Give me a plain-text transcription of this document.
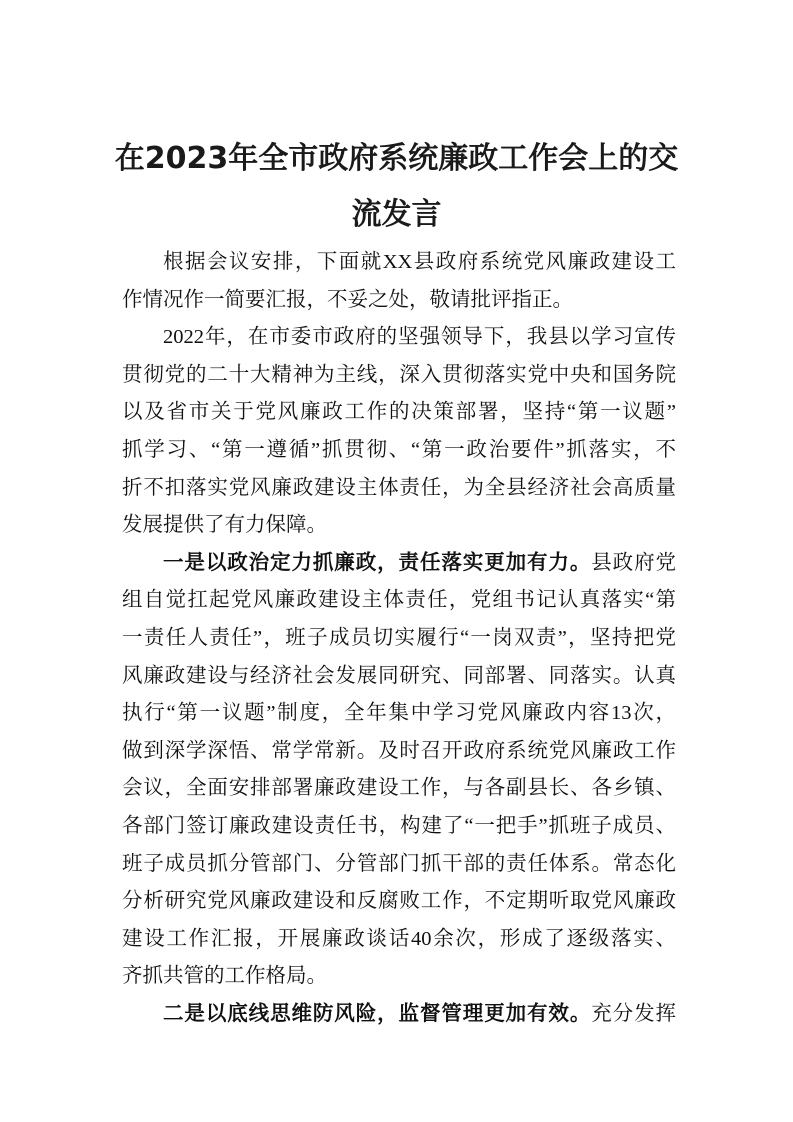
在2023年全市政府系统廉政工作会上的交
流发言
根据会议安排，下面就XX县政府系统党风廉政建设工
作情况作一简要汇报，不妥之处，敬请批评指正。
2022年，在市委市政府的坚强领导下，我县以学习宣传
贯彻党的二十大精神为主线，深入贯彻落实党中央和国务院
以及省市关于党风廉政工作的决策部署，坚持“第一议题”
抓学习、“第一遵循”抓贯彻、“第一政治要件”抓落实，不
折不扣落实党风廉政建设主体责任，为全县经济社会高质量
发展提供了有力保障。
一是以政治定力抓廉政，责任落实更加有力。县政府党
组自觉扛起党风廉政建设主体责任，党组书记认真落实“第
一责任人责任”，班子成员切实履行“一岗双责”，坚持把党
风廉政建设与经济社会发展同研究、同部署、同落实。认真
执行“第一议题”制度，全年集中学习党风廉政内容13次，
做到深学深悟、常学常新。及时召开政府系统党风廉政工作
会议，全面安排部署廉政建设工作，与各副县长、各乡镇、
各部门签订廉政建设责任书，构建了“一把手”抓班子成员、
班子成员抓分管部门、分管部门抓干部的责任体系。常态化
分析研究党风廉政建设和反腐败工作，不定期听取党风廉政
建设工作汇报，开展廉政谈话40余次，形成了逐级落实、
齐抓共管的工作格局。
二是以底线思维防风险，监督管理更加有效。充分发挥
